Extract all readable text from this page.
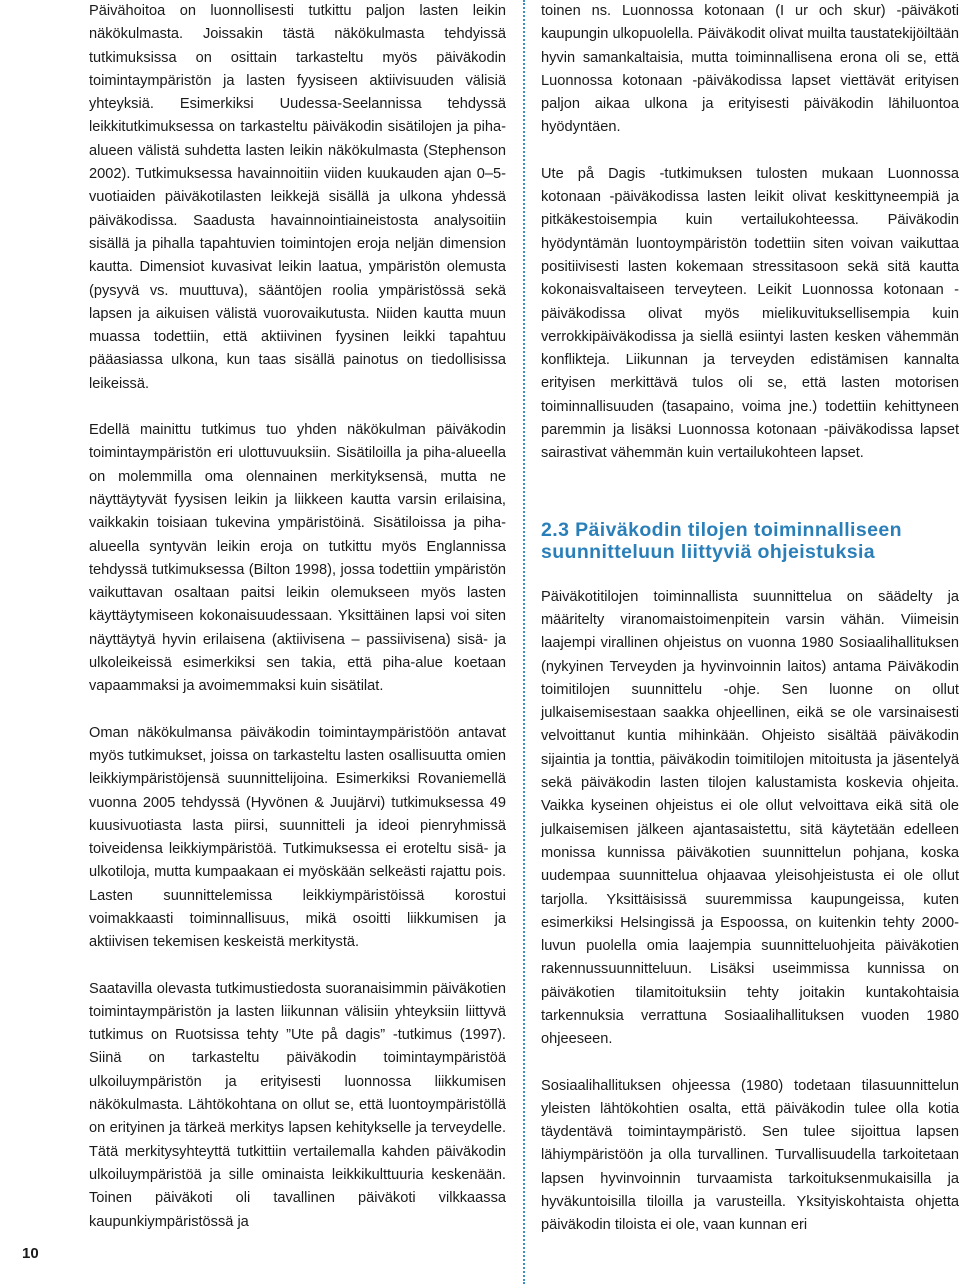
Päivähoitoa on luonnollisesti tutkittu paljon lasten leikin näkökulmasta. Joissakin tästä näkökulmasta tehdyissä tutkimuksissa on osittain tarkasteltu myös päiväkodin toimintaympäristön ja lasten fyysiseen aktiivisuuden välisiä yhteyksiä. Esimerkiksi Uudessa-Seelannissa tehdyssä leikkitutkimuksessa on tarkasteltu päiväkodin sisätilojen ja piha-alueen välistä suhdetta lasten leikin näkökulmasta (Stephenson 2002). Tutkimuksessa havainnoitiin viiden kuukauden ajan 0–5-vuotiaiden päiväkotilasten leikkejä sisällä ja ulkona yhdessä päiväkodissa. Saadusta havainnointiaineistosta analysoitiin sisällä ja pihalla tapahtuvien toimintojen eroja neljän dimension kautta. Dimensiot kuvasivat leikin laatua, ympäristön olemusta (pysyvä vs. muuttuva), sääntöjen roolia ympäristössä sekä lapsen ja aikuisen välistä vuorovaikutusta. Niiden kautta muun muassa todettiin, että aktiivinen fyysinen leikki tapahtuu pääasiassa ulkona, kun taas sisällä painotus on tiedollisissa leikeissä.

Edellä mainittu tutkimus tuo yhden näkökulman päiväkodin toimintaympäristön eri ulottuvuuksiin. Sisätiloilla ja piha-alueella on molemmilla oma olennainen merkityksensä, mutta ne näyttäytyvät fyysisen leikin ja liikkeen kautta varsin erilaisina, vaikkakin toisiaan tukevina ympäristöinä. Sisätiloissa ja piha-alueella syntyvän leikin eroja on tutkittu myös Englannissa tehdyssä tutkimuksessa (Bilton 1998), jossa todettiin ympäristön vaikuttavan osaltaan paitsi leikin olemukseen myös lasten käyttäytymiseen kokonaisuudessaan. Yksittäinen lapsi voi siten näyttäytyä hyvin erilaisena (aktiivisena – passiivisena) sisä- ja ulkoleikeissä esimerkiksi sen takia, että piha-alue koetaan vapaammaksi ja avoimemmaksi kuin sisätilat.

Oman näkökulmansa päiväkodin toimintaympäristöön antavat myös tutkimukset, joissa on tarkasteltu lasten osallisuutta omien leikkiympäristöjensä suunnittelijoina. Esimerkiksi Rovaniemellä vuonna 2005 tehdyssä (Hyvönen & Juujärvi) tutkimuksessa 49 kuusivuotiasta lasta piirsi, suunnitteli ja ideoi pienryhmissä toiveidensa leikkiympäristöä. Tutkimuksessa ei eroteltu sisä- ja ulkotiloja, mutta kumpaakaan ei myöskään selkeästi rajattu pois. Lasten suunnittelemissa leikkiympäristöissä korostui voimakkaasti toiminnallisuus, mikä osoitti liikkumisen ja aktiivisen tekemisen keskeistä merkitystä.

Saatavilla olevasta tutkimustiedosta suoranaisimmin päiväkotien toimintaympäristön ja lasten liikunnan välisiin yhteyksiin liittyvä tutkimus on Ruotsissa tehty ”Ute på dagis” -tutkimus (1997). Siinä on tarkasteltu päiväkodin toimintaympäristöä ulkoiluympäristön ja erityisesti luonnossa liikkumisen näkökulmasta. Lähtökohtana on ollut se, että luontoympäristöllä on erityinen ja tärkeä merkitys lapsen kehitykselle ja terveydelle. Tätä merkitysyhteyttä tutkittiin vertailemalla kahden päiväkodin ulkoiluympäristöä ja sille ominaista leikkikulttuuria keskenään. Toinen päiväkoti oli tavallinen päiväkoti vilkkaassa kaupunkiympäristössä ja

toinen ns. Luonnossa kotonaan (I ur och skur) -päiväkoti kaupungin ulkopuolella. Päiväkodit olivat muilta taustatekijöiltään hyvin samankaltaisia, mutta toiminnallisena erona oli se, että Luonnossa kotonaan -päiväkodissa lapset viettävät erityisen paljon aikaa ulkona ja erityisesti päiväkodin lähiluontoa hyödyntäen.

Ute på Dagis -tutkimuksen tulosten mukaan Luonnossa kotonaan -päiväkodissa lasten leikit olivat keskittyneempiä ja pitkäkestoisempia kuin vertailukohteessa. Päiväkodin hyödyntämän luontoympäristön todettiin siten voivan vaikuttaa positiivisesti lasten kokemaan stressitasoon sekä sitä kautta kokonaisvaltaiseen terveyteen. Leikit Luonnossa kotonaan -päiväkodissa olivat myös mielikuvituksellisempia kuin verrokkipäiväkodissa ja siellä esiintyi lasten kesken vähemmän konflikteja. Liikunnan ja terveyden edistämisen kannalta erityisen merkittävä tulos oli se, että lasten motorisen toiminnallisuuden (tasapaino, voima jne.) todettiin kehittyneen paremmin ja lisäksi Luonnossa kotonaan -päiväkodissa lapset sairastivat vähemmän kuin vertailukohteen lapset.

2.3 Päiväkodin tilojen toiminnalliseen suunnitteluun liittyviä ohjeistuksia

Päiväkotitilojen toiminnallista suunnittelua on säädelty ja määritelty viranomaistoimenpitein varsin vähän. Viimeisin laajempi virallinen ohjeistus on vuonna 1980 Sosiaalihallituksen (nykyinen Terveyden ja hyvinvoinnin laitos) antama Päiväkodin toimitilojen suunnittelu -ohje. Sen luonne on ollut julkaisemisestaan saakka ohjeellinen, eikä se ole varsinaisesti velvoittanut kuntia mihinkään. Ohjeisto sisältää päiväkodin sijaintia ja tonttia, päiväkodin toimitilojen mitoitusta ja jäsentelyä sekä päiväkodin lasten tilojen kalustamista koskevia ohjeita. Vaikka kyseinen ohjeistus ei ole ollut velvoittava eikä sitä ole julkaisemisen jälkeen ajantasaistettu, sitä käytetään edelleen monissa kunnissa päiväkotien suunnittelun pohjana, koska uudempaa suunnittelua ohjaavaa yleisohjeistusta ei ole ollut tarjolla. Yksittäisissä suuremmissa kaupungeissa, kuten esimerkiksi Helsingissä ja Espoossa, on kuitenkin tehty 2000-luvun puolella omia laajempia suunnitteluohjeita päiväkotien rakennussuunnitteluun. Lisäksi useimmissa kunnissa on päiväkotien tilamitoituksiin tehty joitakin kuntakohtaisia tarkennuksia verrattuna Sosiaalihallituksen vuoden 1980 ohjeeseen.

Sosiaalihallituksen ohjeessa (1980) todetaan tilasuunnittelun yleisten lähtökohtien osalta, että päiväkodin tulee olla kotia täydentävä toimintaympäristö. Sen tulee sijoittua lapsen lähiympäristöön ja olla turvallinen. Turvallisuudella tarkoitetaan lapsen hyvinvoinnin turvaamista tarkoituksenmukaisilla ja hyväkuntoisilla tiloilla ja varusteilla. Yksityiskohtaista ohjetta päiväkodin tiloista ei ole, vaan kunnan eri

10
